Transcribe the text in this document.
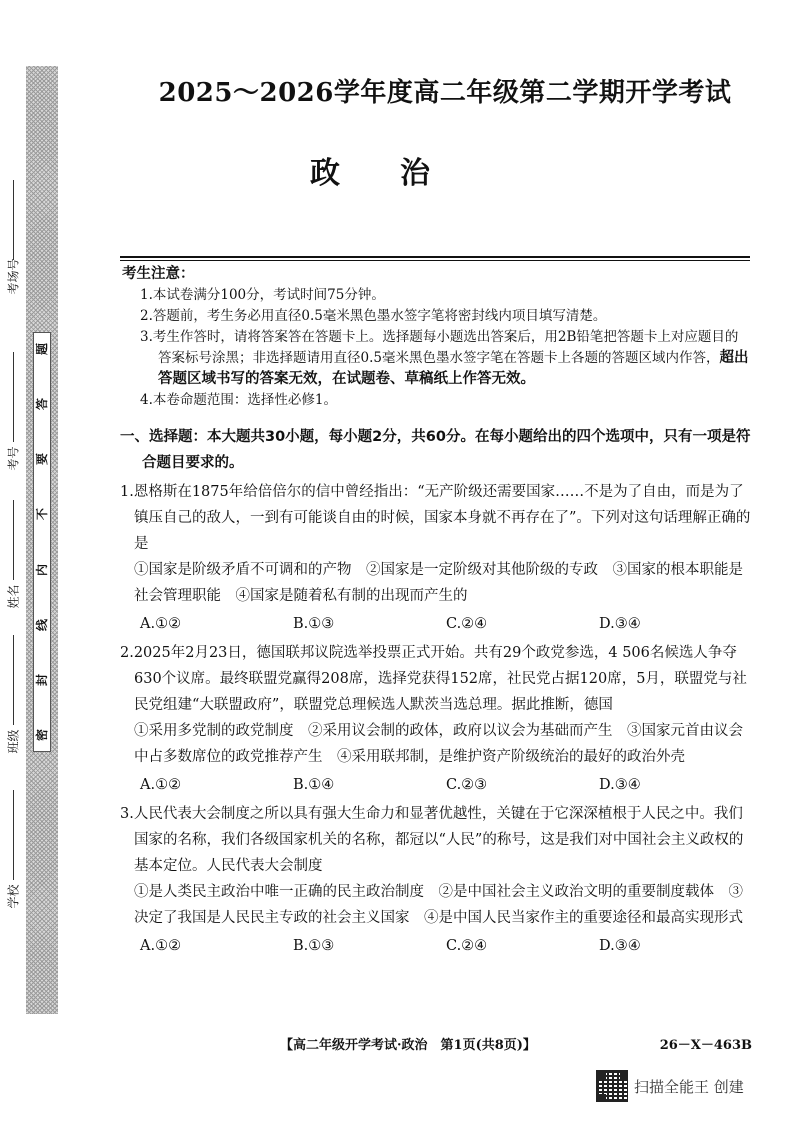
题
答
要
不
内
线
封
密
考场号
考号
姓名
班级
学校
2025～2026学年度高二年级第二学期开学考试
政治
考生注意：
1.本试卷满分100分，考试时间75分钟。
2.答题前，考生务必用直径0.5毫米黑色墨水签字笔将密封线内项目填写清楚。
3.考生作答时，请将答案答在答题卡上。选择题每小题选出答案后，用2B铅笔把答题卡上对应题目的答案标号涂黑；非选择题请用直径0.5毫米黑色墨水签字笔在答题卡上各题的答题区域内作答，超出答题区域书写的答案无效，在试题卷、草稿纸上作答无效。
4.本卷命题范围：选择性必修1。
一、选择题：本大题共30小题，每小题2分，共60分。在每小题给出的四个选项中，只有一项是符合题目要求的。
1.恩格斯在1875年给倍倍尔的信中曾经指出：“无产阶级还需要国家……不是为了自由，而是为了镇压自己的敌人，一到有可能谈自由的时候，国家本身就不再存在了”。下列对这句话理解正确的是
①国家是阶级矛盾不可调和的产物　②国家是一定阶级对其他阶级的专政　③国家的根本职能是社会管理职能　④国家是随着私有制的出现而产生的
A.①②	B.①③	C.②④	D.③④
2.2025年2月23日，德国联邦议院选举投票正式开始。共有29个政党参选，4 506名候选人争夺630个议席。最终联盟党赢得208席，选择党获得152席，社民党占据120席，5月，联盟党与社民党组建“大联盟政府”，联盟党总理候选人默茨当选总理。据此推断，德国
①采用多党制的政党制度　②采用议会制的政体，政府以议会为基础而产生　③国家元首由议会中占多数席位的政党推荐产生　④采用联邦制，是维护资产阶级统治的最好的政治外壳
A.①②	B.①④	C.②③	D.③④
3.人民代表大会制度之所以具有强大生命力和显著优越性，关键在于它深深植根于人民之中。我们国家的名称，我们各级国家机关的名称，都冠以“人民”的称号，这是我们对中国社会主义政权的基本定位。人民代表大会制度
①是人类民主政治中唯一正确的民主政治制度　②是中国社会主义政治文明的重要制度载体　③决定了我国是人民民主专政的社会主义国家　④是中国人民当家作主的重要途径和最高实现形式
A.①②	B.①③	C.②④	D.③④
【高二年级开学考试·政治　第1页(共8页)】	26－X－463B
扫描全能王 创建
